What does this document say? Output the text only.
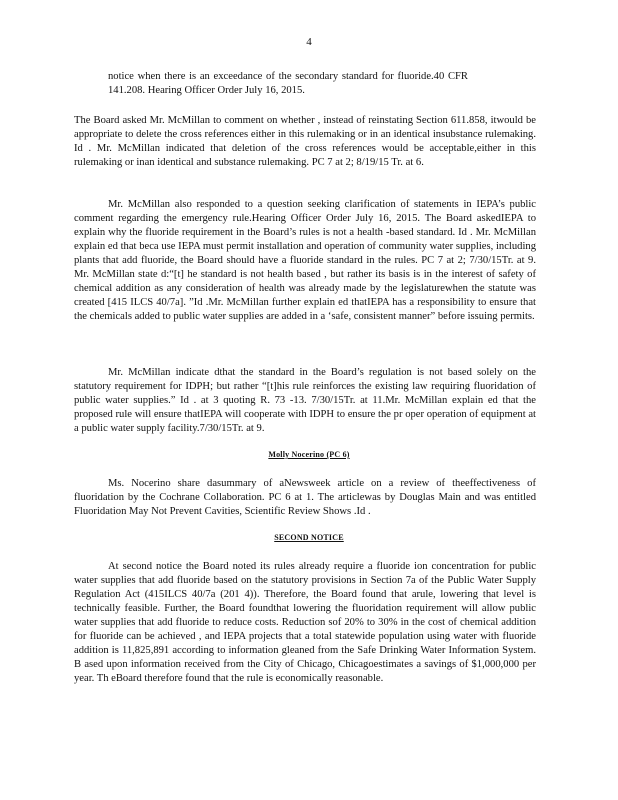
4

notice when there is an exceedance of the secondary standard for fluoride.40 CFR 141.208. Hearing Officer Order July 16, 2015.

The Board asked Mr. McMillan to comment on whether , instead of reinstating Section 611.858, itwould be appropriate to delete the cross references either in this rulemaking or in an identical insubstance rulemaking. Id . Mr. McMillan indicated that deletion of the cross references would be acceptable,either in this rulemaking or inan identical and substance rulemaking. PC 7 at 2; 8/19/15 Tr. at 6.

Mr. McMillan also responded to a question seeking clarification of statements in IEPA’s public comment regarding the emergency rule.Hearing Officer Order July 16, 2015. The Board askedIEPA to explain why the fluoride requirement in the Board’s rules is not a health -based standard. Id . Mr. McMillan explain ed that beca use IEPA must permit installation and operation of community water supplies, including plants that add fluoride, the Board should have a fluoride standard in the rules. PC 7 at 2; 7/30/15Tr. at 9. Mr. McMillan state d:“[t] he standard is not health based , but rather its basis is in the interest of safety of chemical addition as any consideration of health was already made by the legislaturewhen the statute was created [415 ILCS 40/7a]. ”Id .Mr. McMillan further explain ed thatIEPA has a responsibility to ensure that the chemicals added to public water supplies are added in a ‘safe, consistent manner” before issuing permits.

Mr. McMillan indicate dthat the standard in the Board’s regulation is not based solely on the statutory requirement for IDPH; but rather “[t]his rule reinforces the existing law requiring fluoridation of public water supplies.” Id . at 3 quoting R. 73 -13. 7/30/15Tr. at 11.Mr. McMillan explain ed that the proposed rule will ensure thatIEPA will cooperate with IDPH to ensure the pr oper operation of equipment at a public water supply facility.7/30/15Tr. at 9.

Molly Nocerino (PC 6)

Ms. Nocerino share dasummary of aNewsweek article on a review of theeffectiveness of fluoridation by the Cochrane Collaboration. PC 6 at 1. The articlewas by Douglas Main and was entitled Fluoridation May Not Prevent Cavities, Scientific Review Shows .Id .

SECOND NOTICE

At second notice the Board noted its rules already require a fluoride ion concentration for public water supplies that add fluoride based on the statutory provisions in Section 7a of the Public Water Supply Regulation Act (415ILCS 40/7a (201 4)). Therefore, the Board found that arule, lowering that level is technically feasible. Further, the Board foundthat lowering the fluoridation requirement will allow public water supplies that add fluoride to reduce costs. Reduction sof 20% to 30% in the cost of chemical addition for fluoride can be achieved , and IEPA projects that a total statewide population using water with fluoride addition is 11,825,891 according to information gleaned from the Safe Drinking Water Information System. B ased upon information received from the City of Chicago, Chicagoestimates a savings of $1,000,000 per year. Th eBoard therefore found that the rule is economically reasonable.
